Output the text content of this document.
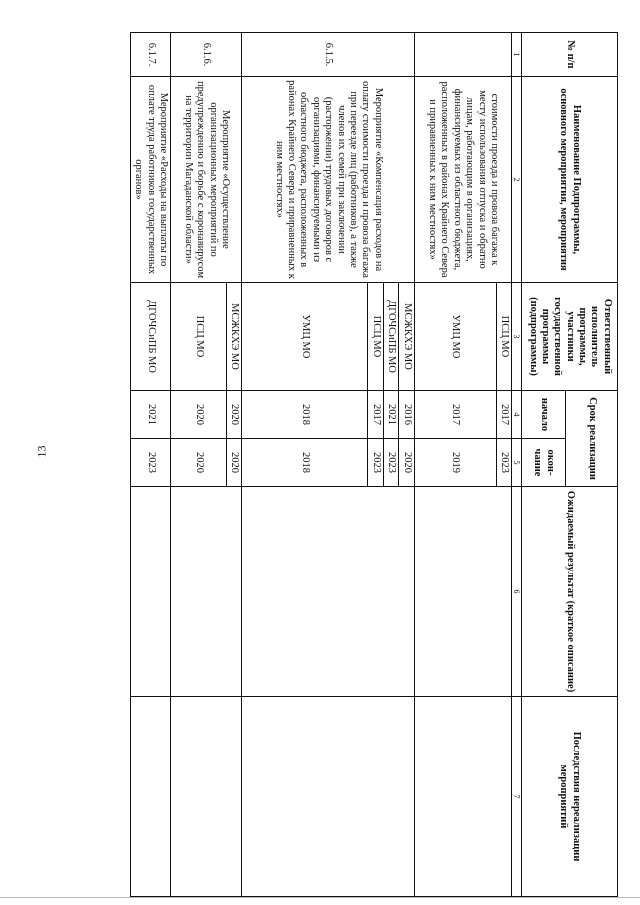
13
№ п/п	Наименование Подпрограммы, основного мероприятия, мероприятия	Ответственный исполнитель программы, участники государственной программы (подпрограммы)	Срок реализации		Ожидаемый результат (краткое описание)	Последствия нереализации мероприятий
			начало	окон-чание		
1	2	3	4	5	6	7
	стоимости проезда и провоза багажа к месту использования отпуска и обратно лицам, работающим в организациях, финансируемых из областного бюджета, расположенных в районах Крайнего Севера и приравненных к ним местностях»	ПСЦ МО	2017	2023		
		УМЦ МО	2017	2019		
6.1.5.	Мероприятие «Компенсация расходов на оплату стоимости проезда и провоза багажа при переезде лиц (работников), а также членов их семей при заключении (расторжении) трудовых договоров с организациями, финансируемыми из областного бюджета, расположенных в районах Крайнего Севера и приравненных к ним местностях»	МСЖКХЭ МО	2016	2020		
		ДГОЧСиПБ МО	2021	2023		
		ПСЦ МО	2017	2023		
		УМЦ МО	2018	2018		
6.1.6.	Мероприятие «Осуществление организационных мероприятий по предупреждению и борьбе с коронавирусом на территории Магаданской области»	МСЖКХЭ МО	2020	2020		
		ПСЦ МО	2020	2020		
6.1.7.	Мероприятие «Расходы на выплаты по оплате труда работников государственных органов»	ДГОЧСиПБ МО	2021	2023		
